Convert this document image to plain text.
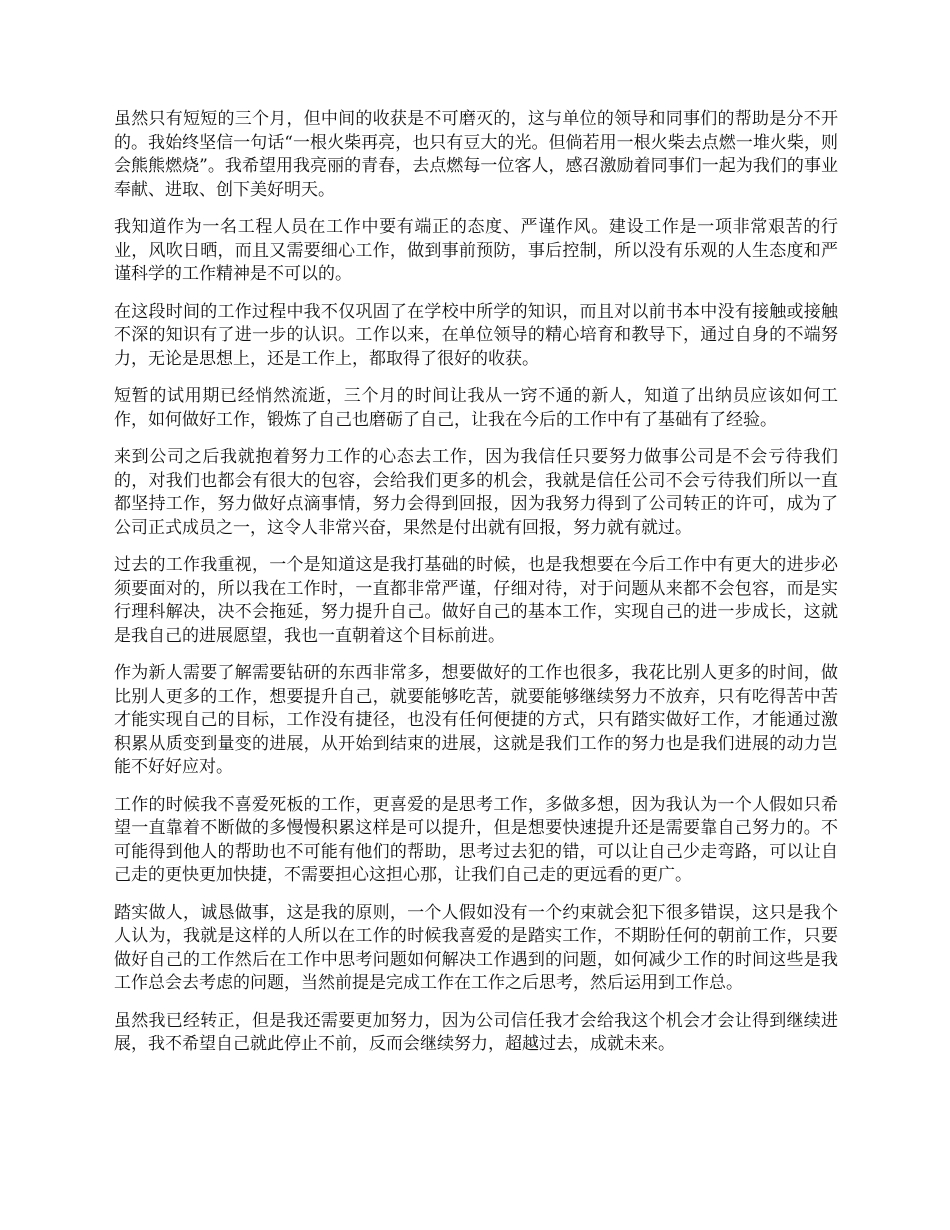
虽然只有短短的三个月，但中间的收获是不可磨灭的，这与单位的领导和同事们的帮助是分不开的。我始终坚信一句话“一根火柴再亮，也只有豆大的光。但倘若用一根火柴去点燃一堆火柴，则会熊熊燃烧”。我希望用我亮丽的青春，去点燃每一位客人，感召激励着同事们一起为我们的事业奉献、进取、创下美好明天。

我知道作为一名工程人员在工作中要有端正的态度、严谨作风。建设工作是一项非常艰苦的行业，风吹日晒，而且又需要细心工作，做到事前预防，事后控制，所以没有乐观的人生态度和严谨科学的工作精神是不可以的。

在这段时间的工作过程中我不仅巩固了在学校中所学的知识，而且对以前书本中没有接触或接触不深的知识有了进一步的认识。工作以来，在单位领导的精心培育和教导下，通过自身的不端努力，无论是思想上，还是工作上，都取得了很好的收获。

短暂的试用期已经悄然流逝，三个月的时间让我从一窍不通的新人，知道了出纳员应该如何工作，如何做好工作，锻炼了自己也磨砺了自己，让我在今后的工作中有了基础有了经验。

来到公司之后我就抱着努力工作的心态去工作，因为我信任只要努力做事公司是不会亏待我们的，对我们也都会有很大的包容，会给我们更多的机会，我就是信任公司不会亏待我们所以一直都坚持工作，努力做好点滴事情，努力会得到回报，因为我努力得到了公司转正的许可，成为了公司正式成员之一，这令人非常兴奋，果然是付出就有回报，努力就有就过。

过去的工作我重视，一个是知道这是我打基础的时候，也是我想要在今后工作中有更大的进步必须要面对的，所以我在工作时，一直都非常严谨，仔细对待，对于问题从来都不会包容，而是实行理科解决，决不会拖延，努力提升自己。做好自己的基本工作，实现自己的进一步成长，这就是我自己的进展愿望，我也一直朝着这个目标前进。

作为新人需要了解需要钻研的东西非常多，想要做好的工作也很多，我花比别人更多的时间，做比别人更多的工作，想要提升自己，就要能够吃苦，就要能够继续努力不放弃，只有吃得苦中苦才能实现自己的目标，工作没有捷径，也没有任何便捷的方式，只有踏实做好工作，才能通过激积累从质变到量变的进展，从开始到结束的进展，这就是我们工作的努力也是我们进展的动力岂能不好好应对。

工作的时候我不喜爱死板的工作，更喜爱的是思考工作，多做多想，因为我认为一个人假如只希望一直靠着不断做的多慢慢积累这样是可以提升，但是想要快速提升还是需要靠自己努力的。不可能得到他人的帮助也不可能有他们的帮助，思考过去犯的错，可以让自己少走弯路，可以让自己走的更快更加快捷，不需要担心这担心那，让我们自己走的更远看的更广。

踏实做人，诚恳做事，这是我的原则，一个人假如没有一个约束就会犯下很多错误，这只是我个人认为，我就是这样的人所以在工作的时候我喜爱的是踏实工作，不期盼任何的朝前工作，只要做好自己的工作然后在工作中思考问题如何解决工作遇到的问题，如何减少工作的时间这些是我工作总会去考虑的问题，当然前提是完成工作在工作之后思考，然后运用到工作总。

虽然我已经转正，但是我还需要更加努力，因为公司信任我才会给我这个机会才会让得到继续进展，我不希望自己就此停止不前，反而会继续努力，超越过去，成就未来。
